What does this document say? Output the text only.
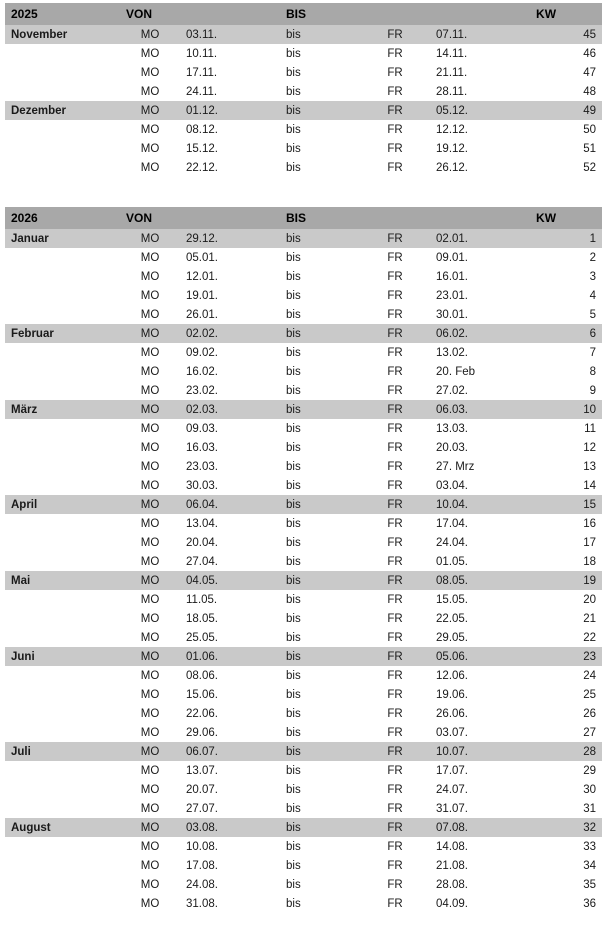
2025	VON		BIS			KW
November	MO	03.11.	bis	FR	07.11.	45
	MO	10.11.	bis	FR	14.11.	46
	MO	17.11.	bis	FR	21.11.	47
	MO	24.11.	bis	FR	28.11.	48
Dezember	MO	01.12.	bis	FR	05.12.	49
	MO	08.12.	bis	FR	12.12.	50
	MO	15.12.	bis	FR	19.12.	51
	MO	22.12.	bis	FR	26.12.	52
2026	VON		BIS			KW
Januar	MO	29.12.	bis	FR	02.01.	1
	MO	05.01.	bis	FR	09.01.	2
	MO	12.01.	bis	FR	16.01.	3
	MO	19.01.	bis	FR	23.01.	4
	MO	26.01.	bis	FR	30.01.	5
Februar	MO	02.02.	bis	FR	06.02.	6
	MO	09.02.	bis	FR	13.02.	7
	MO	16.02.	bis	FR	20. Feb	8
	MO	23.02.	bis	FR	27.02.	9
März	MO	02.03.	bis	FR	06.03.	10
	MO	09.03.	bis	FR	13.03.	11
	MO	16.03.	bis	FR	20.03.	12
	MO	23.03.	bis	FR	27. Mrz	13
	MO	30.03.	bis	FR	03.04.	14
April	MO	06.04.	bis	FR	10.04.	15
	MO	13.04.	bis	FR	17.04.	16
	MO	20.04.	bis	FR	24.04.	17
	MO	27.04.	bis	FR	01.05.	18
Mai	MO	04.05.	bis	FR	08.05.	19
	MO	11.05.	bis	FR	15.05.	20
	MO	18.05.	bis	FR	22.05.	21
	MO	25.05.	bis	FR	29.05.	22
Juni	MO	01.06.	bis	FR	05.06.	23
	MO	08.06.	bis	FR	12.06.	24
	MO	15.06.	bis	FR	19.06.	25
	MO	22.06.	bis	FR	26.06.	26
	MO	29.06.	bis	FR	03.07.	27
Juli	MO	06.07.	bis	FR	10.07.	28
	MO	13.07.	bis	FR	17.07.	29
	MO	20.07.	bis	FR	24.07.	30
	MO	27.07.	bis	FR	31.07.	31
August	MO	03.08.	bis	FR	07.08.	32
	MO	10.08.	bis	FR	14.08.	33
	MO	17.08.	bis	FR	21.08.	34
	MO	24.08.	bis	FR	28.08.	35
	MO	31.08.	bis	FR	04.09.	36
